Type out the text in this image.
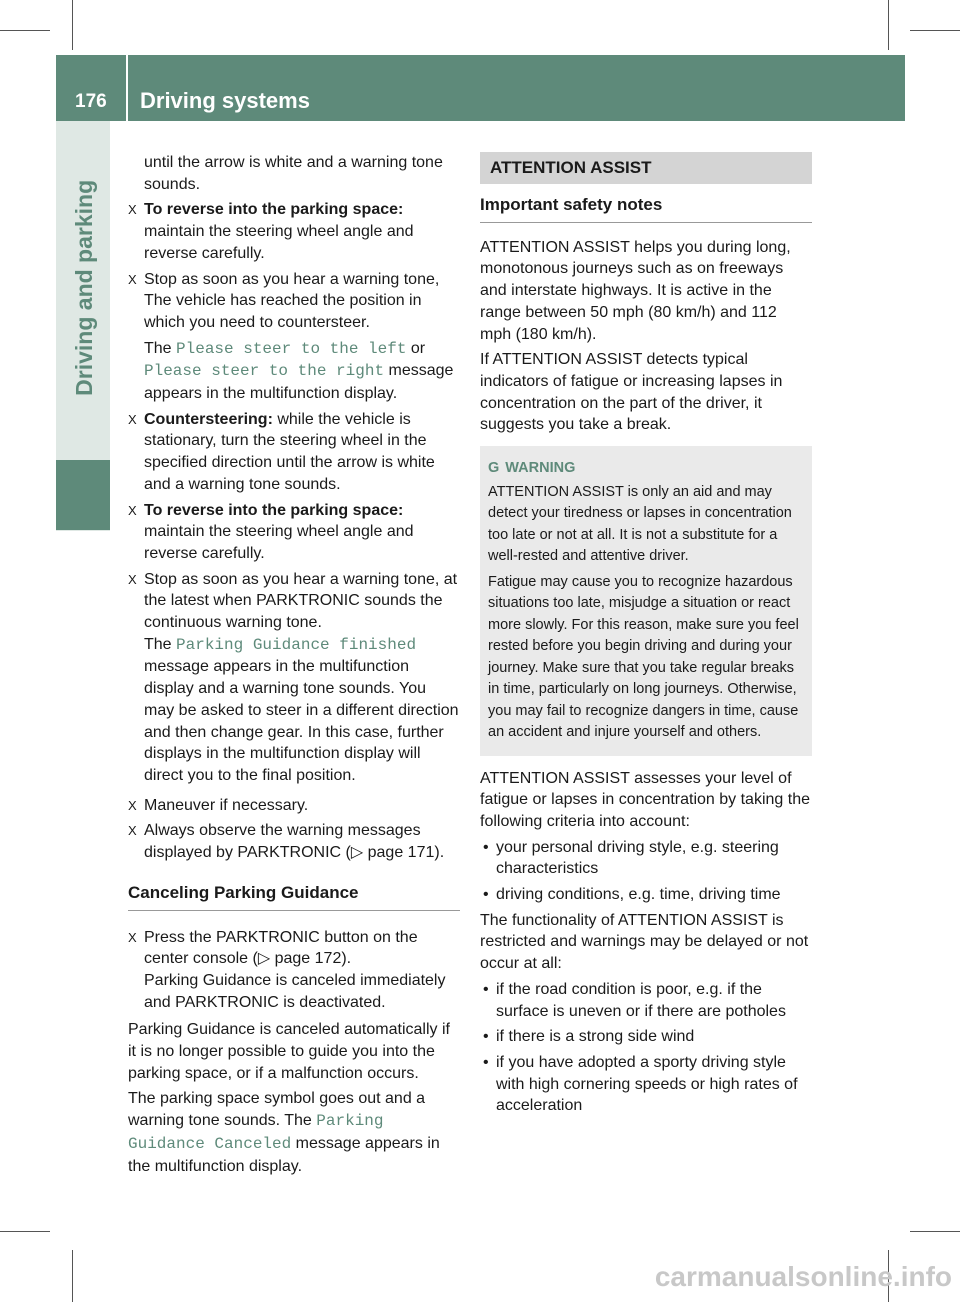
176 Driving systems
Driving and parking

until the arrow is white and a warning tone sounds.

X To reverse into the parking space: maintain the steering wheel angle and reverse carefully.
X Stop as soon as you hear a warning tone, The vehicle has reached the position in which you need to countersteer.
The Please steer to the left or Please steer to the right message appears in the multifunction display.
X Countersteering: while the vehicle is stationary, turn the steering wheel in the specified direction until the arrow is white and a warning tone sounds.
X To reverse into the parking space: maintain the steering wheel angle and reverse carefully.
X Stop as soon as you hear a warning tone, at the latest when PARKTRONIC sounds the continuous warning tone.
The Parking Guidance finished message appears in the multifunction display and a warning tone sounds. You may be asked to steer in a different direction and then change gear. In this case, further displays in the multifunction display will direct you to the final position.
X Maneuver if necessary.
X Always observe the warning messages displayed by PARKTRONIC (▷ page 171).
Canceling Parking Guidance
X Press the PARKTRONIC button on the center console (▷ page 172).
Parking Guidance is canceled immediately and PARKTRONIC is deactivated.

Parking Guidance is canceled automatically if it is no longer possible to guide you into the parking space, or if a malfunction occurs.

The parking space symbol goes out and a warning tone sounds. The Parking Guidance Canceled message appears in the multifunction display.

ATTENTION ASSIST
Important safety notes

ATTENTION ASSIST helps you during long, monotonous journeys such as on freeways and interstate highways. It is active in the range between 50 mph (80 km/h) and 112 mph (180 km/h).

If ATTENTION ASSIST detects typical indicators of fatigue or increasing lapses in concentration on the part of the driver, it suggests you take a break.

G WARNING

ATTENTION ASSIST is only an aid and may detect your tiredness or lapses in concentration too late or not at all. It is not a substitute for a well-rested and attentive driver.

Fatigue may cause you to recognize hazardous situations too late, misjudge a situation or react more slowly. For this reason, make sure you feel rested before you begin driving and during your journey. Make sure that you take regular breaks in time, particularly on long journeys. Otherwise, you may fail to recognize dangers in time, cause an accident and injure yourself and others.

ATTENTION ASSIST assesses your level of fatigue or lapses in concentration by taking the following criteria into account:

• your personal driving style, e.g. steering characteristics
• driving conditions, e.g. time, driving time

The functionality of ATTENTION ASSIST is restricted and warnings may be delayed or not occur at all:

• if the road condition is poor, e.g. if the surface is uneven or if there are potholes
• if there is a strong side wind
• if you have adopted a sporty driving style with high cornering speeds or high rates of acceleration
carmanualsonline.info
